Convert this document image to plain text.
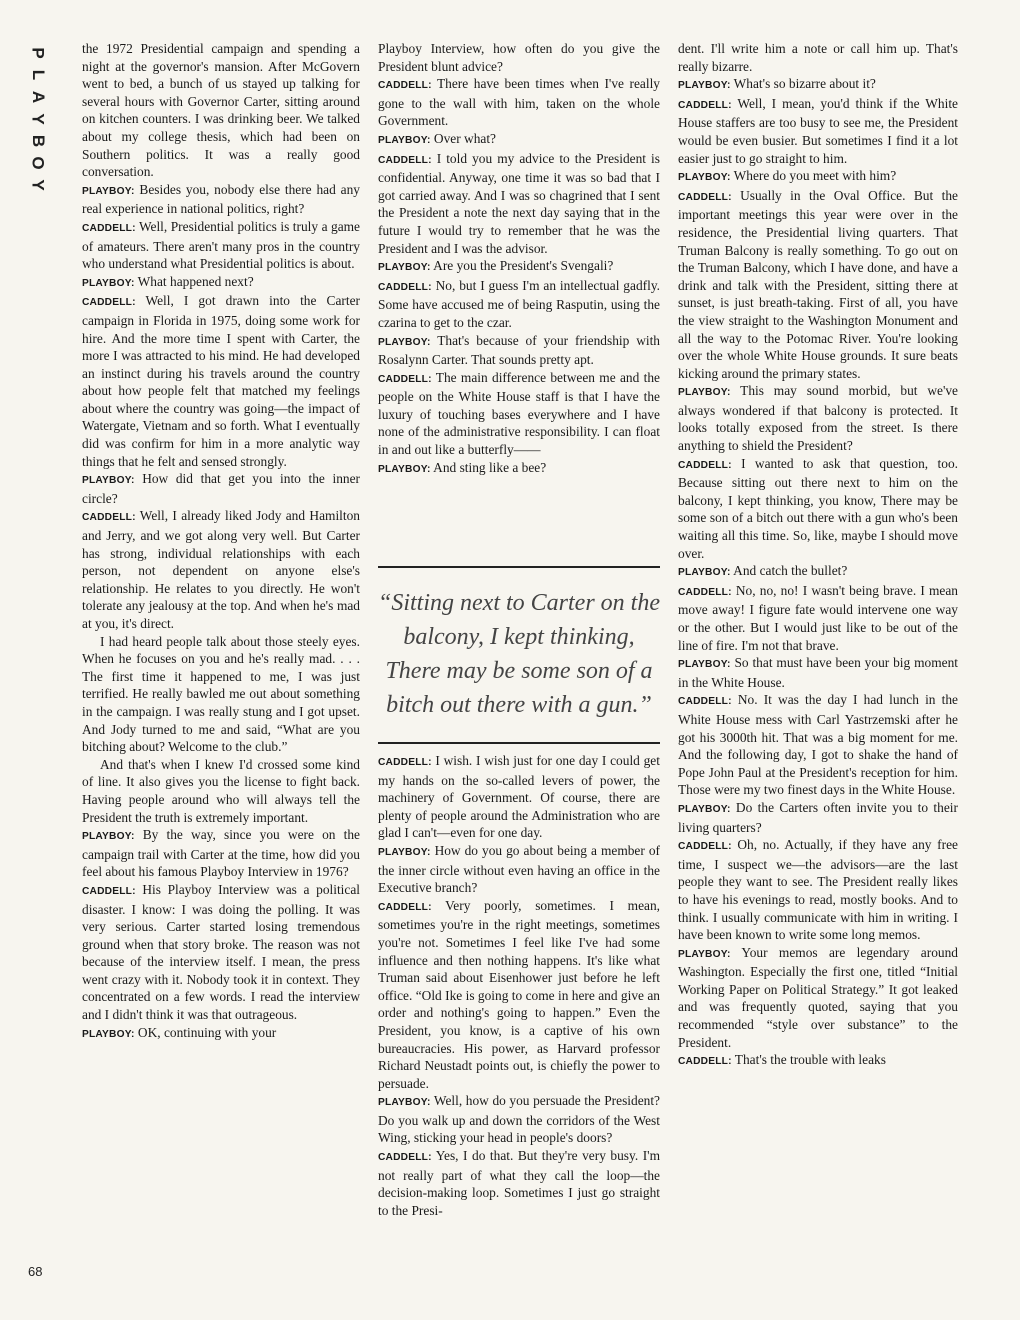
P
L
A
Y
B
O
Y

the 1972 Presidential campaign and spending a night at the governor's mansion. After McGovern went to bed, a bunch of us stayed up talking for several hours with Governor Carter, sitting around on kitchen counters. I was drinking beer. We talked about my college thesis, which had been on Southern politics. It was a really good conversation.

PLAYBOY: Besides you, nobody else there had any real experience in national politics, right?

CADDELL: Well, Presidential politics is truly a game of amateurs. There aren't many pros in the country who understand what Presidential politics is about.

PLAYBOY: What happened next?

CADDELL: Well, I got drawn into the Carter campaign in Florida in 1975, doing some work for hire. And the more time I spent with Carter, the more I was attracted to his mind. He had developed an instinct during his travels around the country about how people felt that matched my feelings about where the country was going—the impact of Watergate, Vietnam and so forth. What I eventually did was confirm for him in a more analytic way things that he felt and sensed strongly.

PLAYBOY: How did that get you into the inner circle?

CADDELL: Well, I already liked Jody and Hamilton and Jerry, and we got along very well. But Carter has strong, individual relationships with each person, not dependent on anyone else's relationship. He relates to you directly. He won't tolerate any jealousy at the top. And when he's mad at you, it's direct.

I had heard people talk about those steely eyes. When he focuses on you and he's really mad. . . . The first time it happened to me, I was just terrified. He really bawled me out about something in the campaign. I was really stung and I got upset. And Jody turned to me and said, “What are you bitching about? Welcome to the club.”

And that's when I knew I'd crossed some kind of line. It also gives you the license to fight back. Having people around who will always tell the President the truth is extremely important.

PLAYBOY: By the way, since you were on the campaign trail with Carter at the time, how did you feel about his famous Playboy Interview in 1976?

CADDELL: His Playboy Interview was a political disaster. I know: I was doing the polling. It was very serious. Carter started losing tremendous ground when that story broke. The reason was not because of the interview itself. I mean, the press went crazy with it. Nobody took it in context. They concentrated on a few words. I read the interview and I didn't think it was that outrageous.

PLAYBOY: OK, continuing with your

Playboy Interview, how often do you give the President blunt advice?

CADDELL: There have been times when I've really gone to the wall with him, taken on the whole Government.

PLAYBOY: Over what?

CADDELL: I told you my advice to the President is confidential. Anyway, one time it was so bad that I got carried away. And I was so chagrined that I sent the President a note the next day saying that in the future I would try to remember that he was the President and I was the advisor.

PLAYBOY: Are you the President's Svengali?

CADDELL: No, but I guess I'm an intellectual gadfly. Some have accused me of being Rasputin, using the czarina to get to the czar.

PLAYBOY: That's because of your friendship with Rosalynn Carter. That sounds pretty apt.

CADDELL: The main difference between me and the people on the White House staff is that I have the luxury of touching bases everywhere and I have none of the administrative responsibility. I can float in and out like a butterfly——

PLAYBOY: And sting like a bee?

“Sitting next to Carter on the balcony, I kept thinking, There may be some son of a bitch out there with a gun.”

CADDELL: I wish. I wish just for one day I could get my hands on the so-called levers of power, the machinery of Government. Of course, there are plenty of people around the Administration who are glad I can't—even for one day.

PLAYBOY: How do you go about being a member of the inner circle without even having an office in the Executive branch?

CADDELL: Very poorly, sometimes. I mean, sometimes you're in the right meetings, sometimes you're not. Sometimes I feel like I've had some influence and then nothing happens. It's like what Truman said about Eisenhower just before he left office. “Old Ike is going to come in here and give an order and nothing's going to happen.” Even the President, you know, is a captive of his own bureaucracies. His power, as Harvard professor Richard Neustadt points out, is chiefly the power to persuade.

PLAYBOY: Well, how do you persuade the President? Do you walk up and down the corridors of the West Wing, sticking your head in people's doors?

CADDELL: Yes, I do that. But they're very busy. I'm not really part of what they call the loop—the decision-making loop. Sometimes I just go straight to the Presi-

dent. I'll write him a note or call him up. That's really bizarre.

PLAYBOY: What's so bizarre about it?

CADDELL: Well, I mean, you'd think if the White House staffers are too busy to see me, the President would be even busier. But sometimes I find it a lot easier just to go straight to him.

PLAYBOY: Where do you meet with him?

CADDELL: Usually in the Oval Office. But the important meetings this year were over in the residence, the Presidential living quarters. That Truman Balcony is really something. To go out on the Truman Balcony, which I have done, and have a drink and talk with the President, sitting there at sunset, is just breath-taking. First of all, you have the view straight to the Washington Monument and all the way to the Potomac River. You're looking over the whole White House grounds. It sure beats kicking around the primary states.

PLAYBOY: This may sound morbid, but we've always wondered if that balcony is protected. It looks totally exposed from the street. Is there anything to shield the President?

CADDELL: I wanted to ask that question, too. Because sitting out there next to him on the balcony, I kept thinking, you know, There may be some son of a bitch out there with a gun who's been waiting all this time. So, like, maybe I should move over.

PLAYBOY: And catch the bullet?

CADDELL: No, no, no! I wasn't being brave. I mean move away! I figure fate would intervene one way or the other. But I would just like to be out of the line of fire. I'm not that brave.

PLAYBOY: So that must have been your big moment in the White House.

CADDELL: No. It was the day I had lunch in the White House mess with Carl Yastrzemski after he got his 3000th hit. That was a big moment for me. And the following day, I got to shake the hand of Pope John Paul at the President's reception for him. Those were my two finest days in the White House.

PLAYBOY: Do the Carters often invite you to their living quarters?

CADDELL: Oh, no. Actually, if they have any free time, I suspect we—the advisors—are the last people they want to see. The President really likes to have his evenings to read, mostly books. And to think. I usually communicate with him in writing. I have been known to write some long memos.

PLAYBOY: Your memos are legendary around Washington. Especially the first one, titled “Initial Working Paper on Political Strategy.” It got leaked and was frequently quoted, saying that you recommended “style over substance” to the President.

CADDELL: That's the trouble with leaks

68
